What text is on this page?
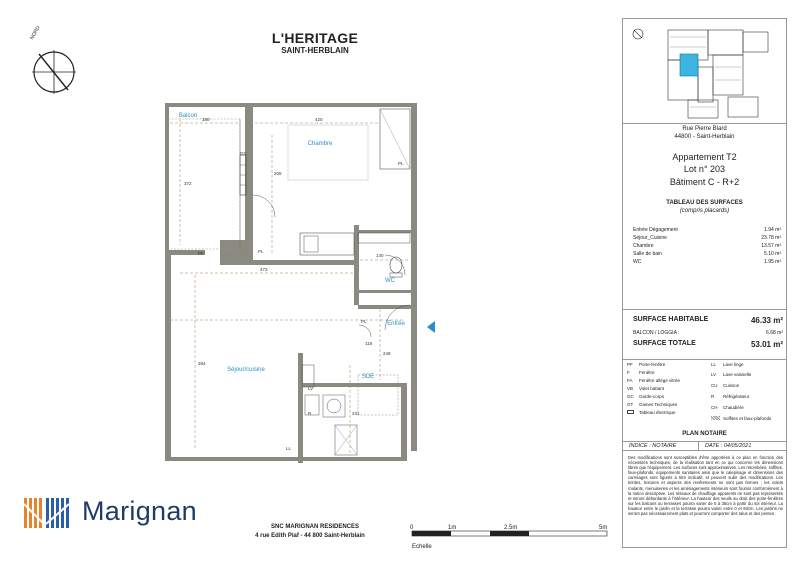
L'HERITAGE
SAINT-HERBLAIN
NORD
Balcon
Chambre
Séjour/cuisine
WC
Entrée
SDE
PF
PL
PL
PL
GC
LL
LV
R
180	420
372
206
140
473
384
119
249
231
Rue Pierre Blard
44800 - Saint-Herblain
Appartement T2
Lot n° 203
Bâtiment C - R+2
TABLEAU DES SURFACES
(compris placards)
Entrée Dégagement	1.94 m²
Séjour_Cuisine	23.78 m²
Chambre	13.57 m²
Salle de bain	5.10 m²
WC	1.95 m²
SURFACE HABITABLE	46.33 m²
BALCON / LOGGIA :	6.68 m²
SURFACE TOTALE	53.01 m²
PF Porte-fenêtre
F Fenêtre
FA Fenêtre allège vitrée
VB Volet battant
GC Garde-corps
GT Gaines Techniques
Tableau électrique
LL Lave linge
LV Lave vaisselle
CU Cuisson
R Réfrigérateur
CH Chaudière
Soffites et faux-plafonds
PLAN NOTAIRE
INDICE : NOTAIRE	DATE : 04/05/2021
Des modifications sont susceptibles d'être apportées à ce plan en fonction des nécessités techniques, de la réalisation tant en ce qui concerne les dimensions libres que l'équipement. Les surfaces sont approximatives. Les retombées, soffites, faux-plafonds, équipements sanitaires ainsi que le calepinage et dimensions des carrelages sont figurés à titre indicatif, et peuvent subir des modifications. Les teintes, textures et aspects des revêtements ne sont pas fermes ; les volets roulants, menuiseries et les aménagements intérieurs sont fournis conformément à la notice descriptive. Les réseaux de chauffage apparents ne sont pas représentés et seront débordants à l'intérieur. La hauteur des seuils au droit des porte-fenêtres sur les balcons ou terrasses pourra varier de 5 à 35cm à partir du sol intérieur. La hauteur entre le jardin et la terrasse pourra varier entre 0 et 60cm. Les jardins ne seront pas nécessairement plats et pourront comporter des talus et des pentes.
Marignan
SNC MARIGNAN RESIDENCES
4 rue Edith Piaf - 44 800 Saint-Herblain
0	1m	2.5m	5m
Echelle
